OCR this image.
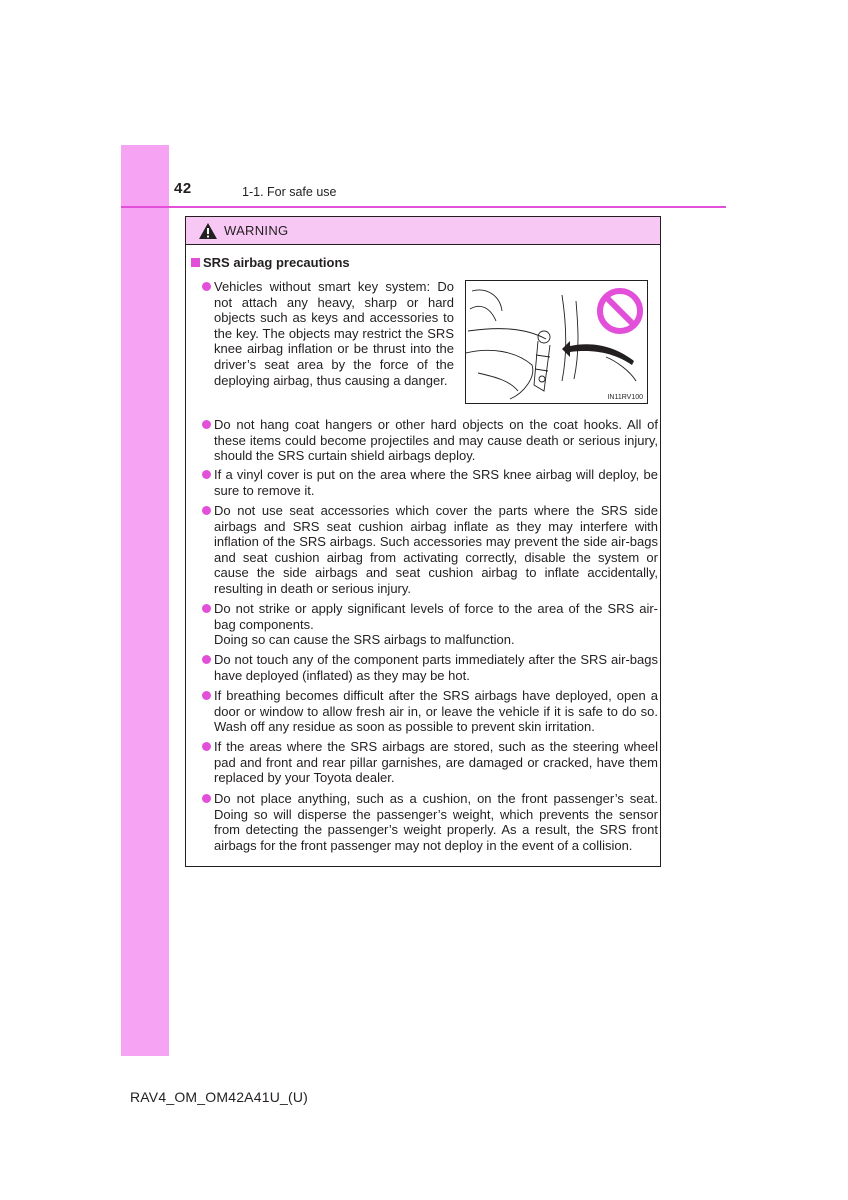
42	1-1. For safe use
WARNING
SRS airbag precautions
Vehicles without smart key system: Do not attach any heavy, sharp or hard objects such as keys and accessories to the key. The objects may restrict the SRS knee airbag inflation or be thrust into the driver’s seat area by the force of the deploying airbag, thus causing a danger.
IN11RV100
Do not hang coat hangers or other hard objects on the coat hooks. All of these items could become projectiles and may cause death or serious injury, should the SRS curtain shield airbags deploy.
If a vinyl cover is put on the area where the SRS knee airbag will deploy, be sure to remove it.
Do not use seat accessories which cover the parts where the SRS side airbags and SRS seat cushion airbag inflate as they may interfere with inflation of the SRS airbags. Such accessories may prevent the side air-bags and seat cushion airbag from activating correctly, disable the system or cause the side airbags and seat cushion airbag to inflate accidentally, resulting in death or serious injury.
Do not strike or apply significant levels of force to the area of the SRS air-bag components.
Doing so can cause the SRS airbags to malfunction.
Do not touch any of the component parts immediately after the SRS air-bags have deployed (inflated) as they may be hot.
If breathing becomes difficult after the SRS airbags have deployed, open a door or window to allow fresh air in, or leave the vehicle if it is safe to do so. Wash off any residue as soon as possible to prevent skin irritation.
If the areas where the SRS airbags are stored, such as the steering wheel pad and front and rear pillar garnishes, are damaged or cracked, have them replaced by your Toyota dealer.
Do not place anything, such as a cushion, on the front passenger’s seat. Doing so will disperse the passenger’s weight, which prevents the sensor from detecting the passenger’s weight properly. As a result, the SRS front airbags for the front passenger may not deploy in the event of a collision.
RAV4_OM_OM42A41U_(U)
